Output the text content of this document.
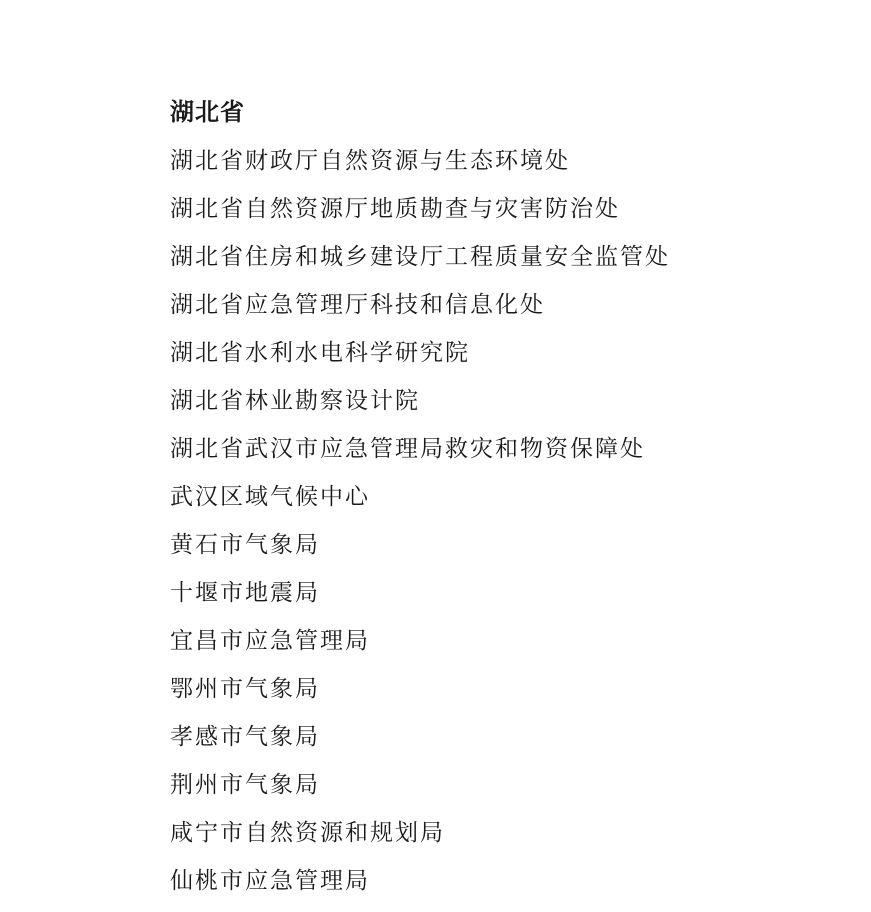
湖北省
湖北省财政厅自然资源与生态环境处
湖北省自然资源厅地质勘查与灾害防治处
湖北省住房和城乡建设厅工程质量安全监管处
湖北省应急管理厅科技和信息化处
湖北省水利水电科学研究院
湖北省林业勘察设计院
湖北省武汉市应急管理局救灾和物资保障处
武汉区域气候中心
黄石市气象局
十堰市地震局
宜昌市应急管理局
鄂州市气象局
孝感市气象局
荆州市气象局
咸宁市自然资源和规划局
仙桃市应急管理局
